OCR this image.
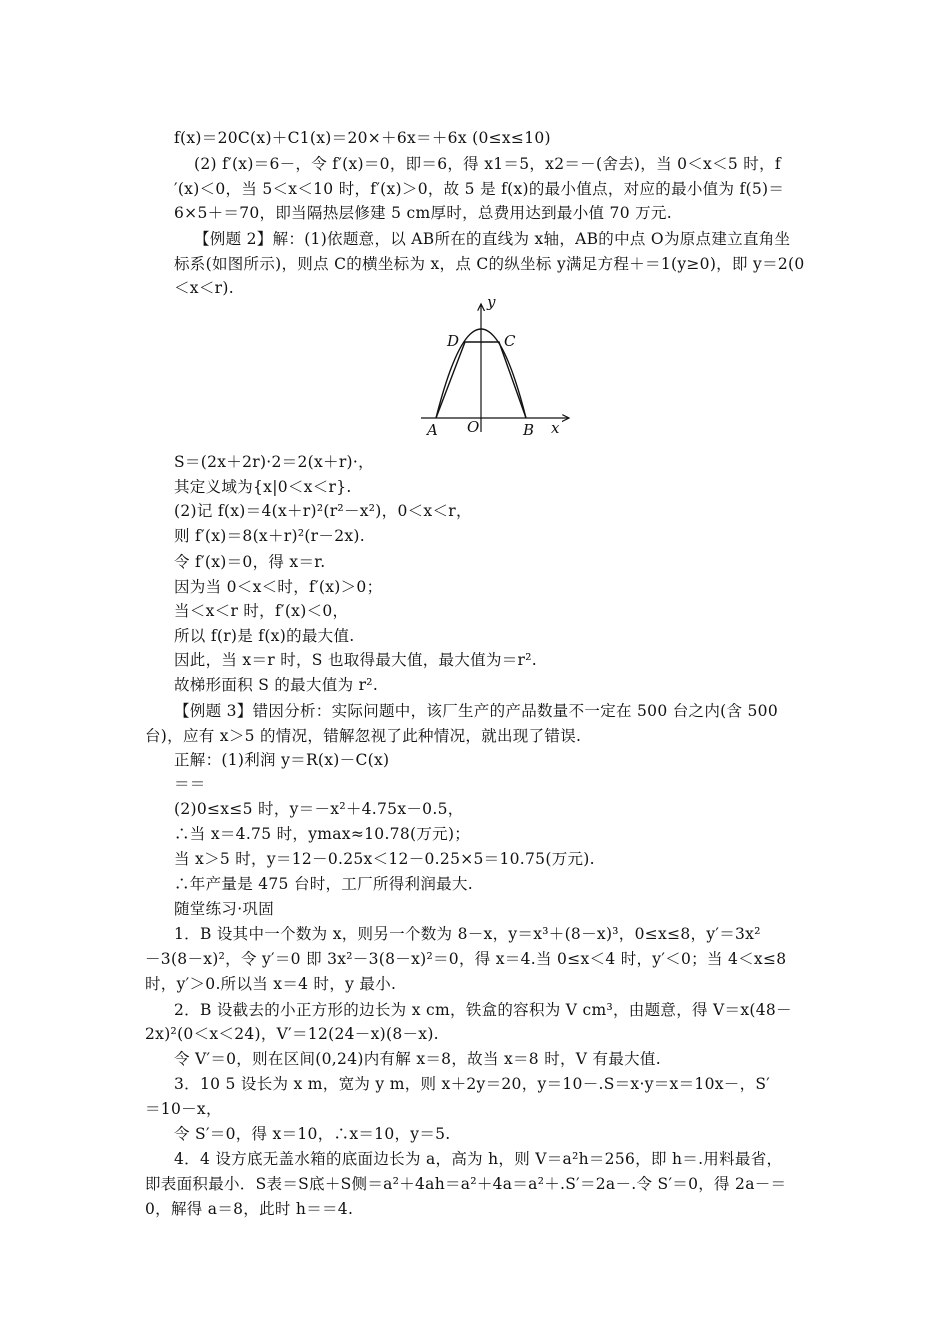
f(x)＝20C(x)＋C1(x)＝20×＋6x＝＋6x (0≤x≤10)
(2) f′(x)＝6－，令 f′(x)＝0，即＝6，得 x1＝5，x2＝－(舍去)，当 0＜x＜5 时，f
′(x)＜0，当 5＜x＜10 时，f′(x)＞0，故 5 是 f(x)的最小值点，对应的最小值为 f(5)＝
6×5＋＝70，即当隔热层修建 5 cm厚时，总费用达到最小值 70 万元.
【例题 2】解：(1)依题意，以 AB所在的直线为 x轴，AB的中点 O为原点建立直角坐
标系(如图所示)，则点 C的横坐标为 x，点 C的纵坐标 y满足方程＋＝1(y≥0)，即 y＝2(0
＜x＜r).
y
x
A O	B
D	C
S＝(2x＋2r)·2＝2(x＋r)·，
其定义域为{x|0＜x＜r}.
(2)记 f(x)＝4(x＋r)²(r²－x²)，0＜x＜r，
则 f′(x)＝8(x＋r)²(r－2x).
令 f′(x)＝0，得 x＝r.
因为当 0＜x＜时，f′(x)＞0；
当＜x＜r 时，f′(x)＜0，
所以 f(r)是 f(x)的最大值.
因此，当 x＝r 时，S 也取得最大值，最大值为＝r².
故梯形面积 S 的最大值为 r².
【例题 3】错因分析：实际问题中，该厂生产的产品数量不一定在 500 台之内(含 500
台)，应有 x＞5 的情况，错解忽视了此种情况，就出现了错误.
正解：(1)利润 y＝R(x)－C(x)
＝＝
(2)0≤x≤5 时，y＝－x²＋4.75x－0.5，
∴当 x＝4.75 时，ymax≈10.78(万元)；
当 x＞5 时，y＝12－0.25x＜12－0.25×5＝10.75(万元).
∴年产量是 475 台时，工厂所得利润最大.
随堂练习·巩固
1．B 设其中一个数为 x，则另一个数为 8－x，y＝x³＋(8－x)³，0≤x≤8，y′＝3x²
－3(8－x)²，令 y′＝0 即 3x²－3(8－x)²＝0，得 x＝4.当 0≤x＜4 时，y′＜0；当 4＜x≤8
时，y′＞0.所以当 x＝4 时，y 最小.
2．B 设截去的小正方形的边长为 x cm，铁盒的容积为 V cm³，由题意，得 V＝x(48－
2x)²(0＜x＜24)，V′＝12(24－x)(8－x).
令 V′＝0，则在区间(0,24)内有解 x＝8，故当 x＝8 时，V 有最大值.
3．10 5 设长为 x m，宽为 y m，则 x＋2y＝20，y＝10－.S＝x·y＝x＝10x－，S′
＝10－x，
令 S′＝0，得 x＝10，∴x＝10，y＝5.
4．4 设方底无盖水箱的底面边长为 a，高为 h，则 V＝a²h＝256，即 h＝.用料最省，
即表面积最小．S表＝S底＋S侧＝a²＋4ah＝a²＋4a＝a²＋.S′＝2a－.令 S′＝0，得 2a－＝
0，解得 a＝8，此时 h＝＝4.
